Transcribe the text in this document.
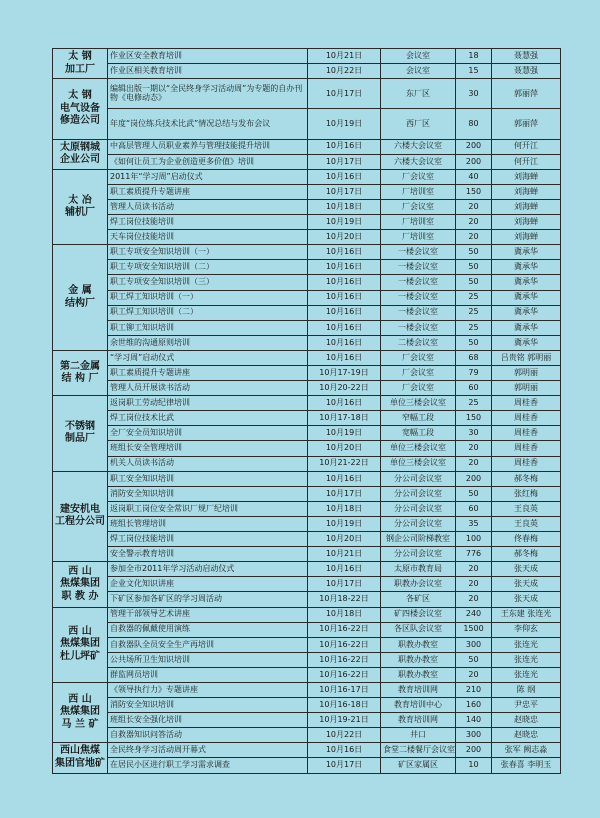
太 钢
加工厂	作业区安全教育培训	10月21日	会议室	18	聂慧强
	作业区相关教育培训	10月22日	会议室	15	聂慧强
太 钢
电气设备
修造公司	编辑出版一期以“全民终身学习活动周”为专题的自办刊物《电修动态》	10月17日	东厂区	30	郭丽萍
	年度“岗位练兵技术比武”情况总结与发布会议	10月19日	西厂区	80	郭丽萍
太原钢城
企业公司	中高层管理人员职业素养与管理技能提升培训	10月16日	六楼大会议室	200	何开江
	《如何让员工为企业创造更多价值》培训	10月17日	六楼大会议室	200	何开江
太 冶
辅机厂	2011年“学习周”启动仪式	10月16日	厂会议室	40	刘海蝉
	职工素质提升专题讲座	10月17日	厂培训室	150	刘海蝉
	管理人员读书活动	10月18日	厂会议室	20	刘海蝉
	焊工岗位技能培训	10月19日	厂培训室	20	刘海蝉
	天车岗位技能培训	10月20日	厂培训室	20	刘海蝉
金 属
结构厂	职工专项安全知识培训（一）	10月16日	一楼会议室	50	冀承华
	职工专项安全知识培训（二）	10月16日	一楼会议室	50	冀承华
	职工专项安全知识培训（三）	10月16日	一楼会议室	50	冀承华
	职工焊工知识培训（一）	10月16日	一楼会议室	25	冀承华
	职工焊工知识培训（二）	10月16日	一楼会议室	25	冀承华
	职工铆工知识培训	10月16日	一楼会议室	25	冀承华
	余世维的沟通原则培训	10月16日	二楼会议室	50	冀承华
第二金属
结 构 厂	“学习周”启动仪式	10月16日	厂会议室	68	吕贵铭 郭明丽
	职工素质提升专题讲座	10月17-19日	厂会议室	79	郭明丽
	管理人员开展读书活动	10月20-22日	厂会议室	60	郭明丽
不锈钢
制品厂	返岗职工劳动纪律培训	10月16日	单位三楼会议室	25	周桂香
	焊工岗位技术比武	10月17-18日	窄幅工段	150	周桂香
	全厂安全员知识培训	10月19日	宽幅工段	30	周桂香
	班组长安全管理培训	10月20日	单位三楼会议室	20	周桂香
	机关人员读书活动	10月21-22日	单位三楼会议室	20	周桂香
建安机电
工程分公司	职工安全知识培训	10月16日	分公司会议室	200	郝冬梅
	消防安全知识培训	10月17日	分公司会议室	50	张红梅
	返岗职工岗位安全常识厂规厂纪培训	10月18日	分公司会议室	60	王良英
	班组长管理培训	10月19日	分公司会议室	35	王良英
	焊工岗位技能培训	10月20日	钢企公司阶梯教室	100	佟春梅
	安全警示教育培训	10月21日	分公司会议室	776	郝冬梅
西 山
焦煤集团
职 教 办	参加全市2011年学习活动启动仪式	10月16日	太原市教育局	20	张天成
	企业文化知识讲座	10月17日	职教办会议室	20	张天成
	下矿区参加各矿区的学习周活动	10月18-22日	各矿区	20	张天成
西 山
焦煤集团
杜儿坪矿	管理干部领导艺术讲座	10月18日	矿四楼会议室	240	王东建 张连光
	自救器的佩戴使用演练	10月16-22日	各区队会议室	1500	李仰玄
	自救器队全员安全生产再培训	10月16-22日	职教办教室	300	张连光
	公共场所卫生知识培训	10月16-22日	职教办教室	50	张连光
	群监网员培训	10月16-22日	职教办教室	20	张连光
西 山
焦煤集团
马 兰 矿	《领导执行力》专题讲座	10月16-17日	教育培训网	210	陈 纲
	消防安全知识培训	10月16-18日	教育培训中心	160	尹忠平
	班组长安全强化培训	10月19-21日	教育培训网	140	赵晓忠
	自救器知识问答活动	10月22日	井口	300	赵晓忠
西山焦煤
集团官地矿	全民终身学习活动周开幕式	10月16日	食堂二楼餐厅会议室	200	张军 阙志淼
	在居民小区进行职工学习需求调查	10月17日	矿区家属区	10	张春喜 李明玉
